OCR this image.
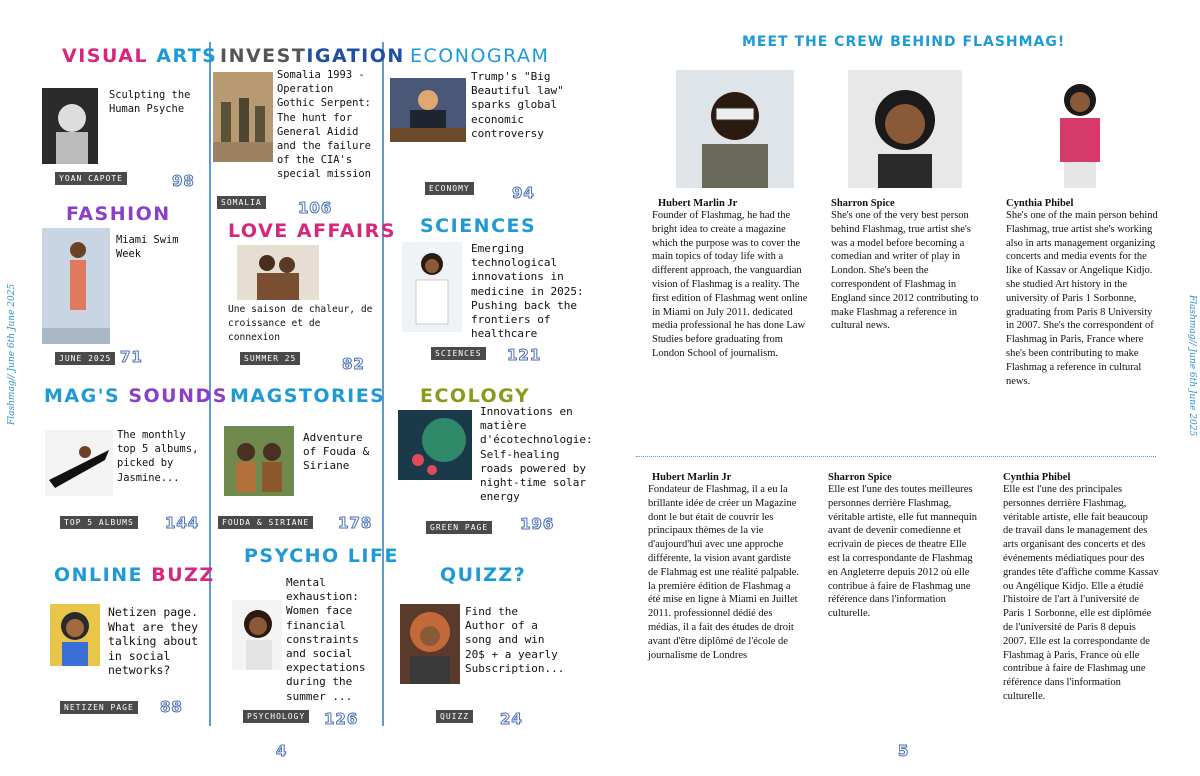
Flashmag// June 6th June 2025
VISUAL ARTS
Sculpting the Human Psyche
YOAN CAPOTE	98
FASHION
Miami Swim Week
JUNE 2025 71
MAG'S SOUNDS
The monthly top 5 albums, picked by Jasmine...
TOP 5 ALBUMS 144
ONLINE BUZZ
Netizen page. What are they talking about in social networks?
NETIZEN PAGE 88
INVESTIGATION
Somalia 1993 - Operation Gothic Serpent: The hunt for General Aidid and the failure of the CIA's special mission
SOMALIA 106
LOVE AFFAIRS
Une saison de chaleur, de croissance et de connexion
SUMMER 25	82
MAGSTORIES
Adventure of Fouda & Siriane
FOUDA & SIRIANE 178
PSYCHO LIFE
Mental exhaustion: Women face financial constraints and social expectations during the summer ...
PSYCHOLOGY 126
ECONOGRAM
Trump's "Big Beautiful law" sparks global economic controversy
ECONOMY	94
SCIENCES
Emerging technological innovations in medicine in 2025: Pushing back the frontiers of healthcare
SCIENCES 121
ECOLOGY
Innovations en matière d'écotechnologie: Self-healing roads powered by night-time solar energy
GREEN PAGE 196
QUIZZ?
Find the Author of a song and win 20$ + a yearly Subscription...
QUIZZ 24
4
MEET THE CREW BEHIND FLASHMAG!
Flashmag// June 6th June 2025
Hubert Marlin Jr
Founder of Flashmag, he had the bright idea to create a magazine which the purpose was to cover the main topics of today life with a different approach, the vanguardian vision of Flashmag is a reality. The first edition of Flashmag went online in Miami on July 2011. dedicated media professional he has done Law Studies before graduating from London School of journalism.
Sharron Spice
She's one of the very best person behind Flashmag, true artist she's was a model before becoming a comedian and writer of play in London. She's been the correspondent of Flashmag in England since 2012 contributing to make Flashmag a reference in cultural news.
Cynthia Phibel
She's one of the main person behind Flashmag, true artist she's working also in arts management organizing concerts and media events for the like of Kassav or Angelique Kidjo. she studied Art history in the university of Paris 1 Sorbonne, graduating from Paris 8 University in 2007. She's the correspondent of Flashmag in Paris, France where she's been contributing to make Flashmag a reference in cultural news.
Hubert Marlin Jr
Fondateur de Flashmag, il a eu la brillante idée de créer un Magazine dont le but était de couvrir les principaux thèmes de la vie d'aujourd'hui avec une approche différente, la vision avant gardiste de Flahmag est une réalité palpable. la première édition de Flashmag a été mise en ligne à Miami en Juillet 2011. professionnel dédié des médias, il a fait des études de droit avant d'être diplômé de l'école de journalisme de Londres
Sharron Spice
Elle est l'une des toutes meilleures personnes derrière Flashmag, véritable artiste, elle fut mannequin avant de devenir comedienne et ecrivain de pieces de theatre Elle est la correspondante de Flashmag en Angleterre depuis 2012 où elle contribue à faire de Flashmag une référence dans l'information culturelle.
Cynthia Phibel
Elle est l'une des principales personnes derrière Flashmag, véritable artiste, elle fait beaucoup de travail dans le management des arts organisant des concerts et des événements médiatiques pour des grandes tête d'affiche comme Kassav ou Angélique Kidjo. Elle a étudié l'histoire de l'art à l'université de Paris 1 Sorbonne, elle est diplômée de l'université de Paris 8 depuis 2007. Elle est la correspondante de Flashmag à Paris, France où elle contribue à faire de Flashmag une référence dans l'information culturelle.
5
